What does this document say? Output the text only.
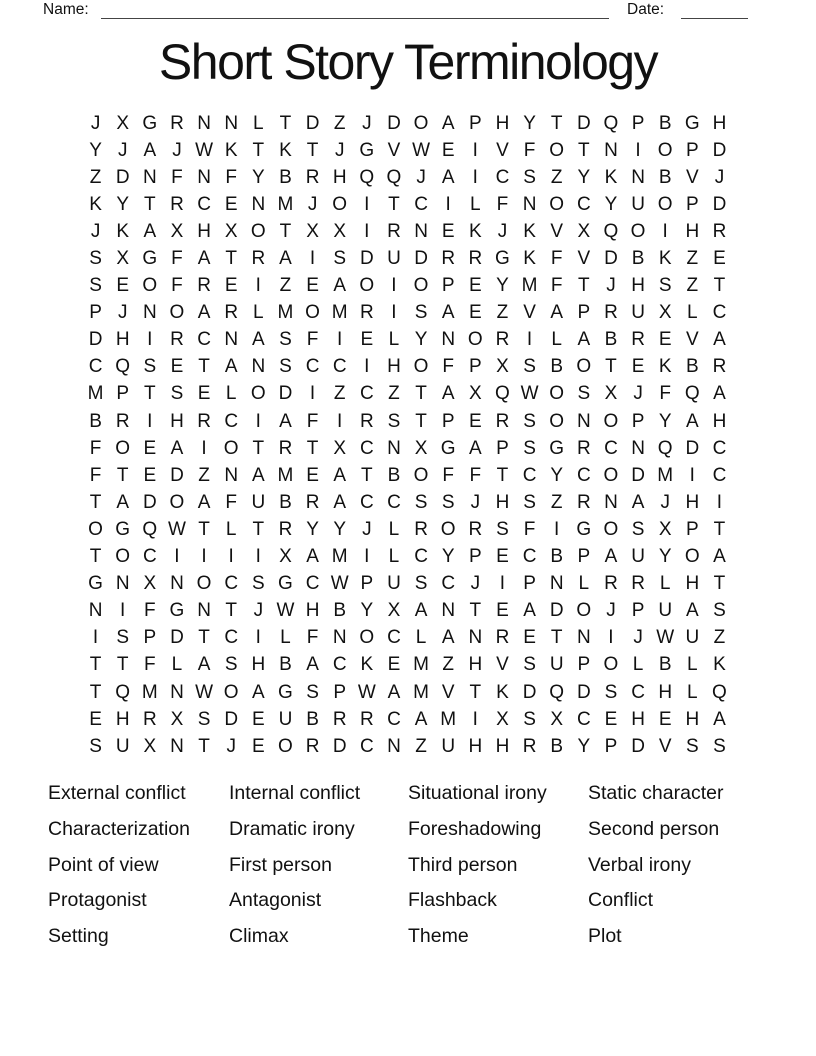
Name:	Date:
Short Story Terminology
J X G R N N L T D Z J D O A P H Y T D Q P B G H
Y J A J W K T K T J G V W E I V F O T N I O P D
Z D N F N F Y B R H Q Q J A I C S Z Y K N B V J
K Y T R C E N M J O I T C I	L F N O C Y U O P D
J K A X H X O T X X I R N E K J K V X Q O I H R
S X G F A T R A I S D U D R R G K F V D B K Z E
S E O F R E I Z E A O I O P E Y M F T J H S Z T
P J N O A R L M O M R I S A E Z V A P R U X L C
D H I R C N A S F I E L Y N O R I	L A B R E V A
C Q S E T A N S C C I H O F P X S B O T E K B R
M P T S E L O D I Z C Z T A X Q W O S X J F Q A
B R I H R C I A F I R S T P E R S O N O P Y A H
F O E A I O T R T X C N X G A P S G R C N Q D C
F T E D Z N A M E A T B O F F T C Y C O D M I C
T A D O A F U B R A C C S S J H S Z R N A J H I
O G Q W T L T R Y Y J L R O R S F I G O S X P T
T O C I	I	I	I X A M I	L C Y P E C B P A U Y O A
G N X N O C S G C W P U S C J	I P N L R R L H T
N I F G N T J W H B Y X A N T E A D O J P U A S
I S P D T C I	L F N O C L A N R E T N I	J W U Z
T T F L A S H B A C K E M Z H V S U P O L B L K
T Q M N W O A G S P W A M V T K D Q D S C H L Q
E H R X S D E U B R R C A M I X S X C E H E H A
S U X N T J E O R D C N Z U H H R B Y P D V S S
External conflict
Characterization
Point of view
Protagonist
Setting
Internal conflict
Dramatic irony
First person
Antagonist
Climax
Situational irony
Foreshadowing
Third person
Flashback
Theme
Static character
Second person
Verbal irony
Conflict
Plot
